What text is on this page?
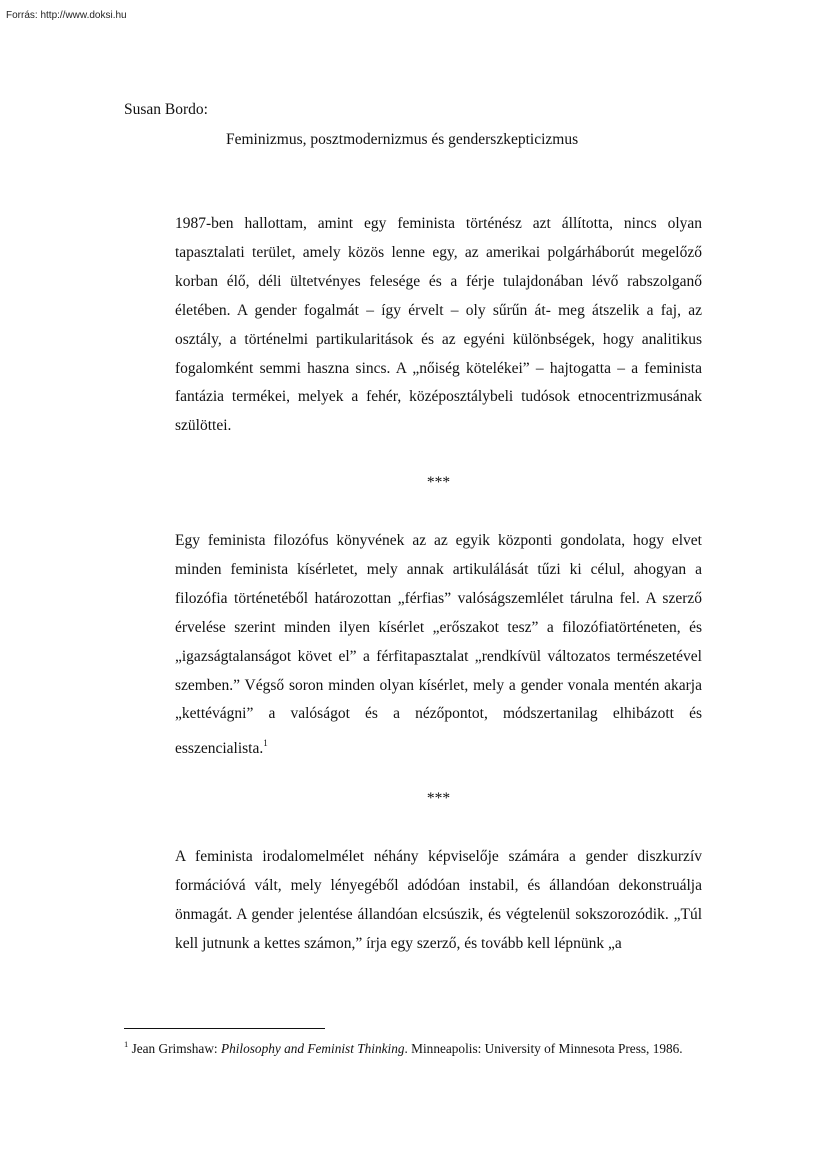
Forrás: http://www.doksi.hu
Susan Bordo:
Feminizmus, posztmodernizmus és genderszkepticizmus

1987-ben hallottam, amint egy feminista történész azt állította, nincs olyan tapasztalati terület, amely közös lenne egy, az amerikai polgárháborút megelőző korban élő, déli ültetvényes felesége és a férje tulajdonában lévő rabszolganő életében. A gender fogalmát – így érvelt – oly sűrűn át- meg átszelik a faj, az osztály, a történelmi partikularitások és az egyéni különbségek, hogy analitikus fogalomként semmi haszna sincs. A „nőiség kötelékei” – hajtogatta – a feminista fantázia termékei, melyek a fehér, középosztálybeli tudósok etnocentrizmusának szülöttei.

***

Egy feminista filozófus könyvének az az egyik központi gondolata, hogy elvet minden feminista kísérletet, mely annak artikulálását tűzi ki célul, ahogyan a filozófia történetéből határozottan „férfias” valóságszemlélet tárulna fel. A szerző érvelése szerint minden ilyen kísérlet „erőszakot tesz” a filozófiatörténeten, és „igazságtalanságot követ el” a férfitapasztalat „rendkívül változatos természetével szemben.” Végső soron minden olyan kísérlet, mely a gender vonala mentén akarja „kettévágni” a valóságot és a nézőpontot, módszertanilag elhibázott és esszencialista.$^1$

***

A feminista irodalomelmélet néhány képviselője számára a gender diszkurzív formációvá vált, mely lényegéből adódóan instabil, és állandóan dekonstruálja önmagát. A gender jelentése állandóan elcsúszik, és végtelenül sokszorozódik. „Túl kell jutnunk a kettes számon,” írja egy szerző, és tovább kell lépnünk „a

$^1$ Jean Grimshaw: Philosophy and Feminist Thinking. Minneapolis: University of Minnesota Press, 1986.
